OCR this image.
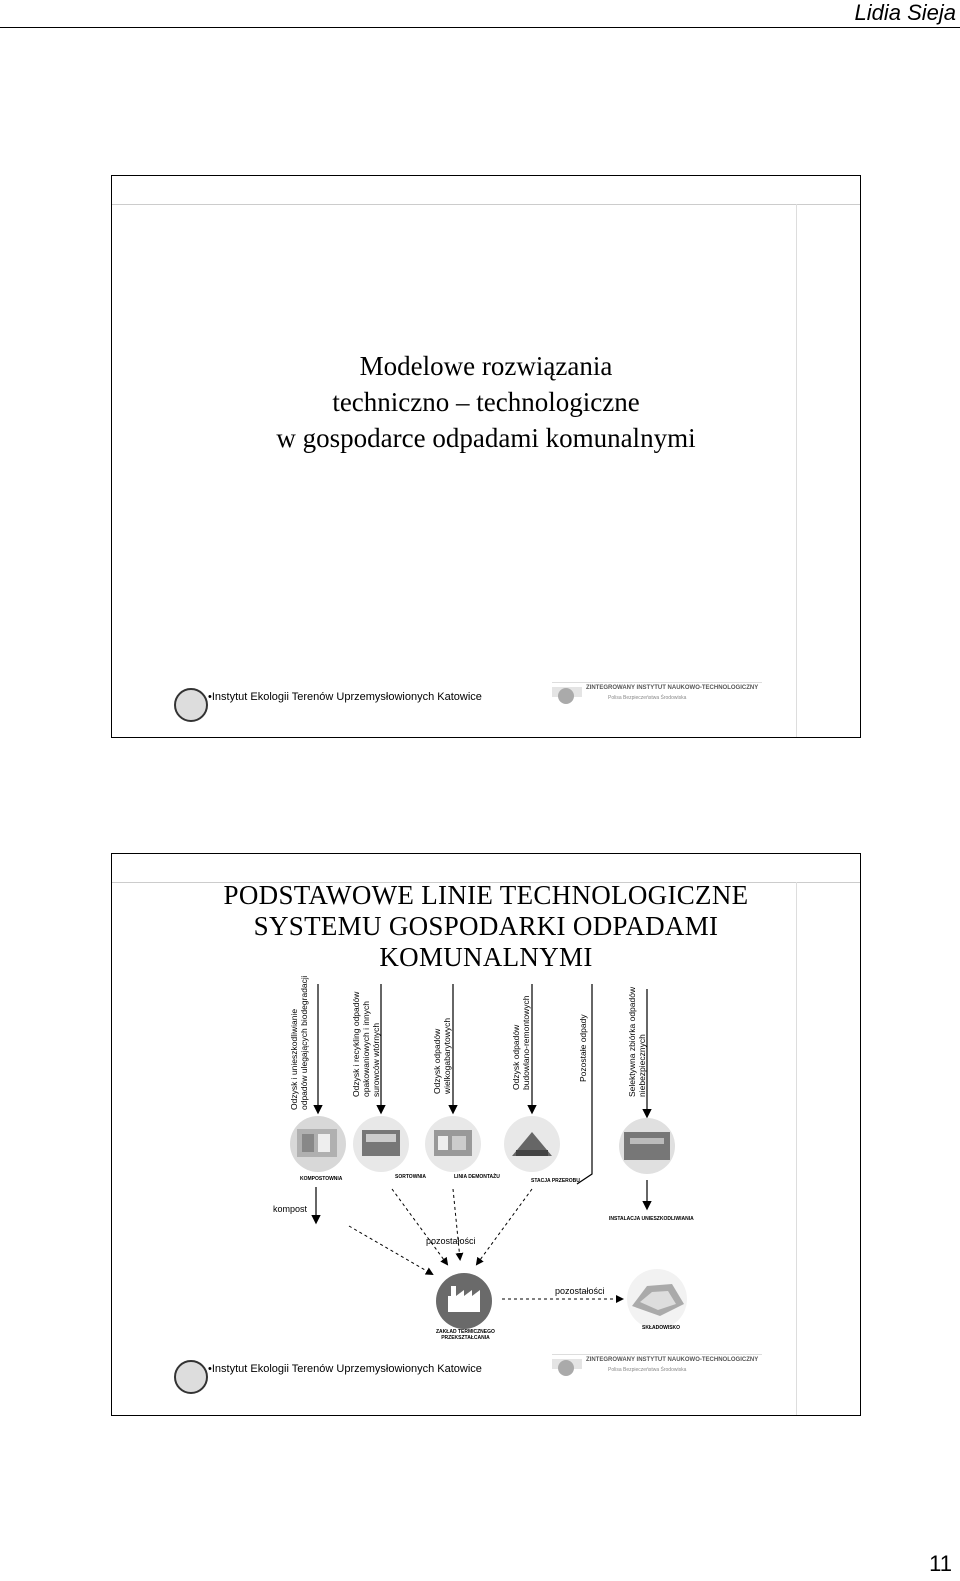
Lidia Sieja
Modelowe rozwiązania
techniczno – technologiczne
w gospodarce odpadami komunalnymi
•Instytut Ekologii Terenów Uprzemysłowionych Katowice
ZINTEGROWANY INSTYTUT NAUKOWO-TECHNOLOGICZNY
Polisa Bezpieczeństwa Środowiska
PODSTAWOWE LINIE TECHNOLOGICZNE
SYSTEMU GOSPODARKI ODPADAMI
KOMUNALNYMI
Odzysk i unieszkodliwianie odpadów ulegających biodegradacji	Odzysk i recykling odpadów opakowaniowych i innych surowców wtórnych	Odzysk odpadów wielkogabarytowych	Odzysk odpadów budowlano-remontowych	Pozostałe odpady	Selektywna zbiórka odpadów niebezpiecznych
KOMPOSTOWNIA	SORTOWNIA	LINIA DEMONTAŻU
STACJA PRZEROBU
kompost
INSTALACJA UNIESZKODLIWIANIA
pozostałości
pozostałości
ZAKŁAD TERMICZNEGO
PRZEKSZTAŁCANIA
SKŁADOWISKO
•Instytut Ekologii Terenów Uprzemysłowionych Katowice
ZINTEGROWANY INSTYTUT NAUKOWO-TECHNOLOGICZNY
Polisa Bezpieczeństwa Środowiska
11
